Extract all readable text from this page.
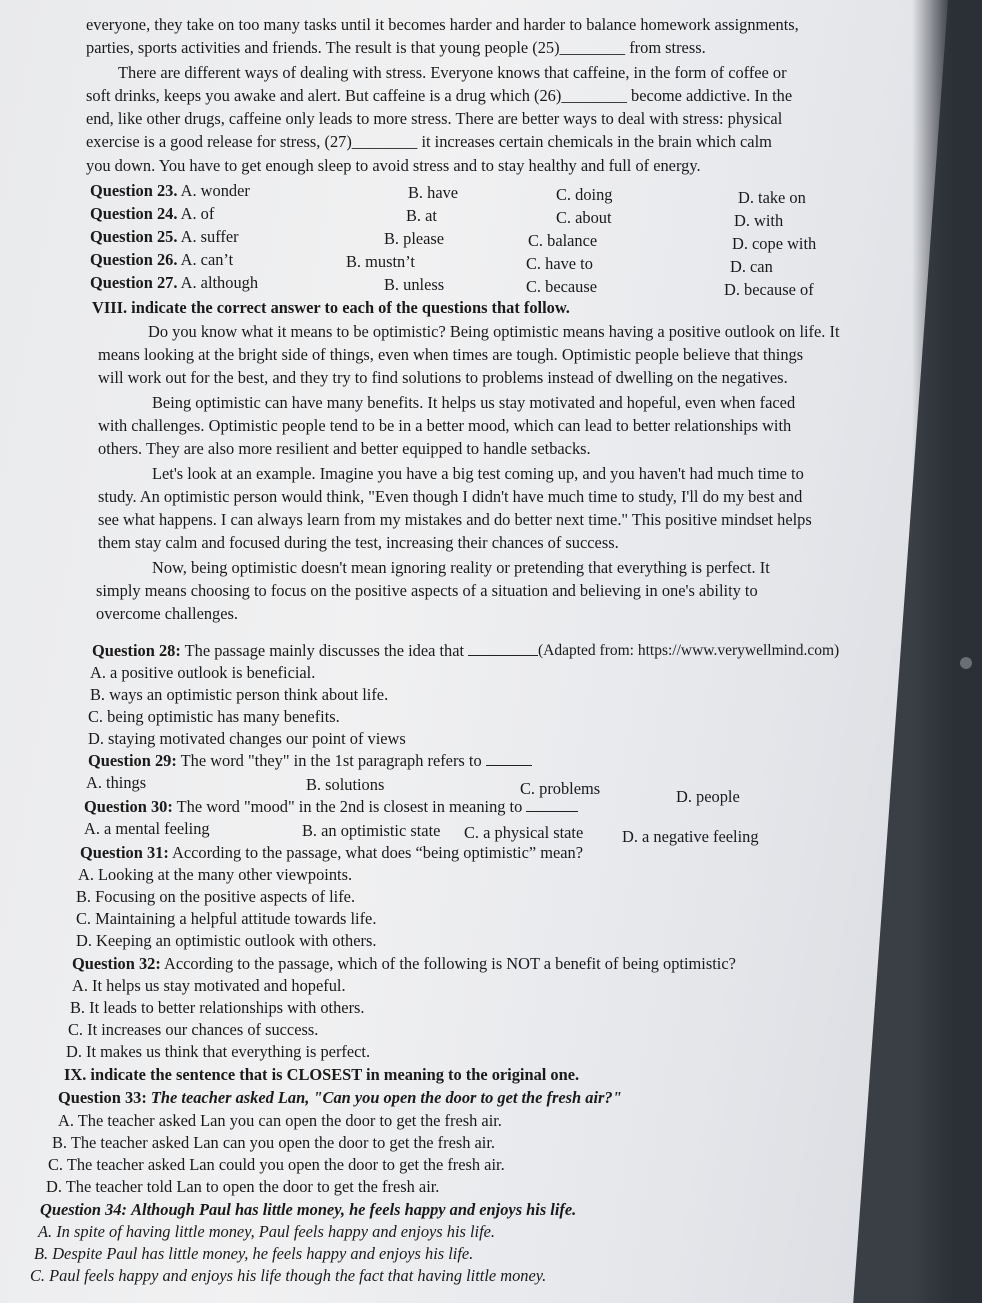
everyone, they take on too many tasks until it becomes harder and harder to balance homework assignments,
parties, sports activities and friends. The result is that young people (25)________ from stress.
There are different ways of dealing with stress. Everyone knows that caffeine, in the form of coffee or
soft drinks, keeps you awake and alert. But caffeine is a drug which (26)________ become addictive. In the
end, like other drugs, caffeine only leads to more stress. There are better ways to deal with stress: physical
exercise is a good release for stress, (27)________ it increases certain chemicals in the brain which calm
you down. You have to get enough sleep to avoid stress and to stay healthy and full of energy.
Question 23. A. wonder	B. have	C. doing	D. take on
Question 24. A. of	B. at	C. about	D. with
Question 25. A. suffer	B. please	C. balance	D. cope with
Question 26. A. can’t	B. mustn’t	C. have to	D. can
Question 27. A. although	B. unless	C. because	D. because of
VIII. indicate the correct answer to each of the questions that follow.
Do you know what it means to be optimistic? Being optimistic means having a positive outlook on life. It
means looking at the bright side of things, even when times are tough. Optimistic people believe that things
will work out for the best, and they try to find solutions to problems instead of dwelling on the negatives.
Being optimistic can have many benefits. It helps us stay motivated and hopeful, even when faced
with challenges. Optimistic people tend to be in a better mood, which can lead to better relationships with
others. They are also more resilient and better equipped to handle setbacks.
Let's look at an example. Imagine you have a big test coming up, and you haven't had much time to
study. An optimistic person would think, "Even though I didn't have much time to study, I'll do my best and
see what happens. I can always learn from my mistakes and do better next time." This positive mindset helps
them stay calm and focused during the test, increasing their chances of success.
Now, being optimistic doesn't mean ignoring reality or pretending that everything is perfect. It
simply means choosing to focus on the positive aspects of a situation and believing in one's ability to
overcome challenges.
Question 28: The passage mainly discusses the idea that	(Adapted from: https://www.verywellmind.com)
A. a positive outlook is beneficial.
B. ways an optimistic person think about life.
C. being optimistic has many benefits.
D. staying motivated changes our point of views
Question 29: The word "they" in the 1st paragraph refers to
A. things	B. solutions	C. problems	D. people
Question 30: The word "mood" in the 2nd is closest in meaning to
A. a mental feeling	B. an optimistic state C. a physical state D. a negative feeling
Question 31: According to the passage, what does “being optimistic” mean?
A. Looking at the many other viewpoints.
B. Focusing on the positive aspects of life.
C. Maintaining a helpful attitude towards life.
D. Keeping an optimistic outlook with others.
Question 32: According to the passage, which of the following is NOT a benefit of being optimistic?
A. It helps us stay motivated and hopeful.
B. It leads to better relationships with others.
C. It increases our chances of success.
D. It makes us think that everything is perfect.
IX. indicate the sentence that is CLOSEST in meaning to the original one.
Question 33: The teacher asked Lan, "Can you open the door to get the fresh air?"
A. The teacher asked Lan you can open the door to get the fresh air.
B. The teacher asked Lan can you open the door to get the fresh air.
C. The teacher asked Lan could you open the door to get the fresh air.
D. The teacher told Lan to open the door to get the fresh air.
Question 34: Although Paul has little money, he feels happy and enjoys his life.
A. In spite of having little money, Paul feels happy and enjoys his life.
B. Despite Paul has little money, he feels happy and enjoys his life.
C. Paul feels happy and enjoys his life though the fact that having little money.
